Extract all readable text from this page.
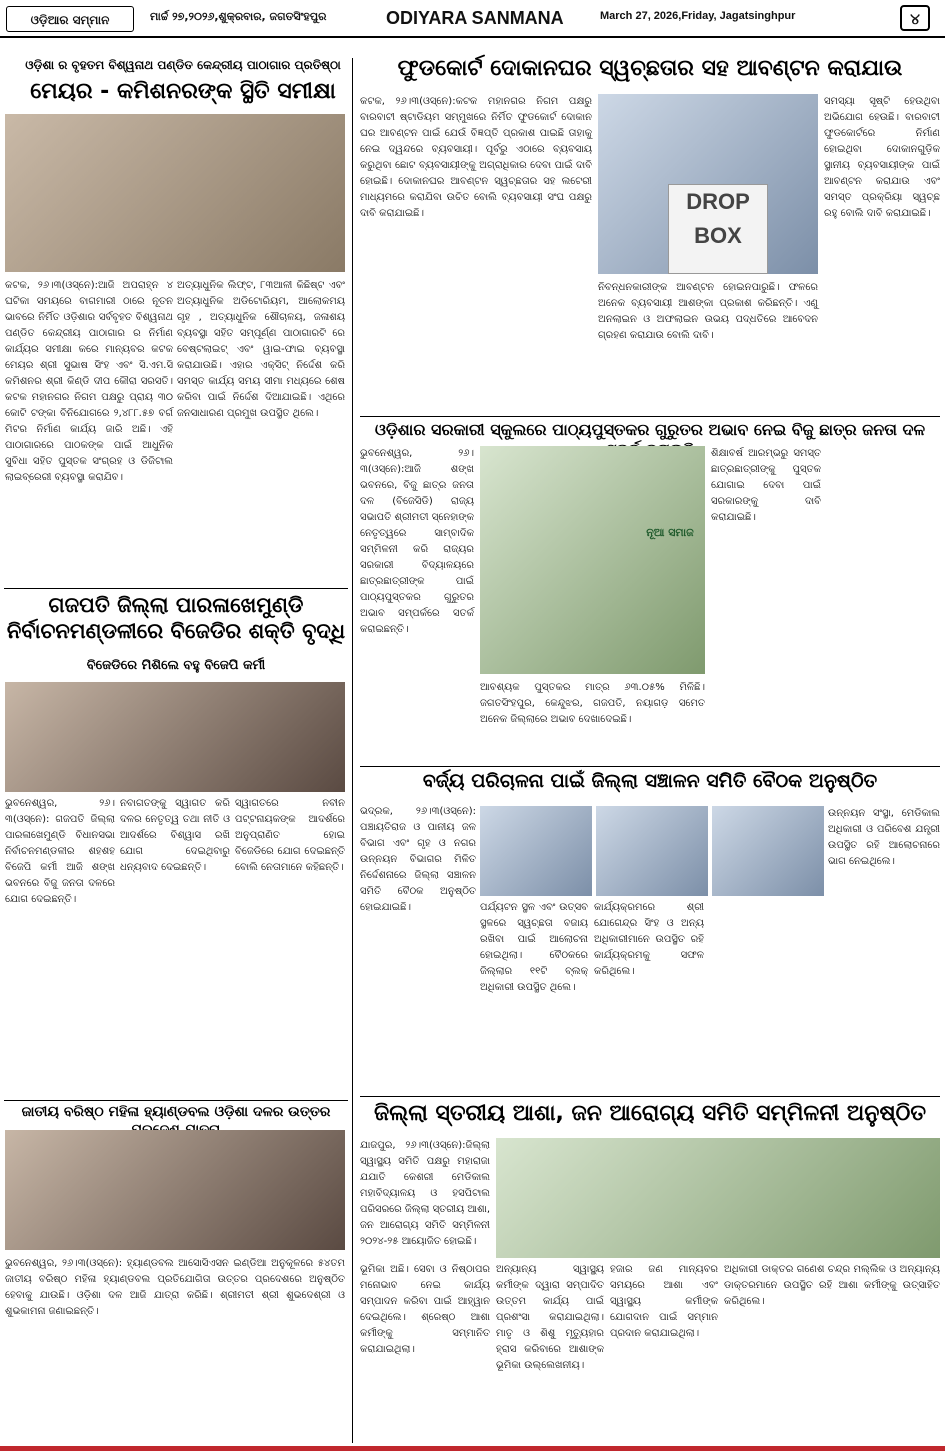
ଓଡ଼ିଆର ସମ୍ମାନ	ମାର୍ଚ୍ଚ ୨୭,୨୦୨୬,ଶୁକ୍ରବାର, ଜଗତସିଂହପୁର	ODIYARA SANMANA	March 27, 2026,Friday, Jagatsinghpur	୪
ଓଡ଼ିଶା ର ବୃହତମ ବିଶ୍ୱନାଥ ପଣ୍ଡିତ କେନ୍ଦ୍ରୀୟ ପାଠାଗାର ପ୍ରତିଷ୍ଠା
ମେୟର - କମିଶନରଙ୍କ ସ୍ଥିତି ସମୀକ୍ଷା
କଟକ, ୨୬।୩(ଓସ୍ନେ):ଆଜି ଅପରାହ୍ନ ୪ ଘଟିକା ସମୟରେ ବାଗମାରୀ ଠାରେ ନୂତନ ଭାବରେ ନିର୍ମିତ ଓଡ଼ିଶାର ସର୍ବବୃହତ ବିଶ୍ୱନାଥ ପଣ୍ଡିତ କେନ୍ଦ୍ରୀୟ ପାଠାଗାର ର ନିର୍ମାଣ କାର୍ଯ୍ୟର ସମୀକ୍ଷା କରେ ମାନ୍ୟବର କଟକ ମେୟର ଶ୍ରୀ ସୁଭାଷ ସିଂହ ଏବଂ ସି.ଏମ.ସି କମିଶନର ଶ୍ରୀ କିଣ୍ଡି ଦୀପ କୌରା ସରସତି। କଟକ ମହାନଗର ନିଗମ ପକ୍ଷରୁ ପ୍ରାୟ ୩୦ କୋଟି ଟଙ୍କା ବିନିଯୋଗରେ ୨,୪୮୮.୫୭ ବର୍ଗ ମିଟର ନିର୍ମାଣ କାର୍ଯ୍ୟ ଜାରି ଅଛି। ଏହି ପାଠାଗାରରେ ପାଠକଙ୍କ ପାଇଁ ଆଧୁନିକ ସୁବିଧା ସହିତ ପୁସ୍ତକ ସଂଗ୍ରହ ଓ ଡିଜିଟାଲ ଲାଇବ୍ରେରୀ ବ୍ୟବସ୍ଥା କରାଯିବ।
ଅତ୍ୟାଧୁନିକ ଲିଫ୍ଟ, ୮୩ଆଳୀ କିଛିଷ୍ଟ ଏବଂ ଅତ୍ୟାଧୁନିକ ଅଡିଟୋରିୟମ, ଆଲୋକମୟ ଗୃହ , ଅତ୍ୟାଧୁନିକ ଶୌଚାଳୟ, ଜଳାଶୟ ବ୍ୟବସ୍ଥା ସହିତ ସମ୍ପୂର୍ଣ୍ଣ ପାଠାଗାରଟି ରେ ବେଷ୍ଟଲାଇଟ୍ ଏବଂ ୱାଇ-ଫାଇ ବ୍ୟବସ୍ଥା କରାଯାଉଛି। ଏହାର ଏକ୍ସିଟ୍ ନିର୍ଦ୍ଦେଶ କରି ସମସ୍ତ କାର୍ଯ୍ୟ ସମୟ ସୀମା ମଧ୍ୟରେ ଶେଷ କରିବା ପାଇଁ ନିର୍ଦ୍ଦେଶ ଦିଆଯାଇଛି। ଏଥିରେ ଜନସାଧାରଣ ପ୍ରମୁଖ ଉପସ୍ଥିତ ଥିଲେ।
ଫୁଡକୋର୍ଟ ଦୋକାନଘର ସ୍ୱଚ୍ଛତାର ସହ ଆବଣ୍ଟନ କରାଯାଉ
କଟକ, ୨୬।୩(ଓସ୍ନେ):କଟକ ମହାନଗର ନିଗମ ପକ୍ଷରୁ ବାରବାଟୀ ଷ୍ଟାଡିୟମ ସମ୍ମୁଖରେ ନିର୍ମିତ ଫୁଡକୋର୍ଟ ଦୋକାନ ଘର ଆବଣ୍ଟନ ପାଇଁ ଯେଉଁ ବିଜ୍ଞପ୍ତି ପ୍ରକାଶ ପାଇଛି ତାହାକୁ ନେଇ ଦ୍ୱନ୍ଦରେ ବ୍ୟବସାୟୀ। ପୂର୍ବରୁ ଏଠାରେ ବ୍ୟବସାୟ କରୁଥିବା ଛୋଟ ବ୍ୟବସାୟୀଙ୍କୁ ଅଗ୍ରାଧିକାର ଦେବା ପାଇଁ ଦାବି ହୋଇଛି। ଦୋକାନଘର ଆବଣ୍ଟନ ସ୍ୱଚ୍ଛତାର ସହ ଲଟେରୀ ମାଧ୍ୟମରେ କରାଯିବା ଉଚିତ ବୋଲି ବ୍ୟବସାୟୀ ସଂଘ ପକ୍ଷରୁ ଦାବି କରାଯାଇଛି।	DROP BOX
ନିବନ୍ଧନକାରୀଙ୍କ ଆବଣ୍ଟନ ହୋଇନପାରୁଛି। ଫଳରେ ଅନେକ ବ୍ୟବସାୟୀ ଆଶଙ୍କା ପ୍ରକାଶ କରିଛନ୍ତି। ଏଣୁ ଅନଲାଇନ ଓ ଅଫଲାଇନ ଉଭୟ ପଦ୍ଧତିରେ ଆବେଦନ ଗ୍ରହଣ କରାଯାଉ ବୋଲି ଦାବି।
ସମସ୍ୟା ସୃଷ୍ଟି ହେଉଥିବା ଅଭିଯୋଗ ହେଉଛି। ବାରବାଟୀ ଫୁଡକୋର୍ଟରେ ନିର୍ମାଣ ହୋଇଥିବା ଦୋକାନଗୁଡ଼ିକ ସ୍ଥାନୀୟ ବ୍ୟବସାୟୀଙ୍କ ପାଇଁ ଆବଣ୍ଟନ କରାଯାଉ ଏବଂ ସମସ୍ତ ପ୍ରକ୍ରିୟା ସ୍ୱଚ୍ଛ ରହୁ ବୋଲି ଦାବି କରାଯାଇଛି।
ଓଡ଼ିଶାର ସରକାରୀ ସ୍କୁଲରେ ପାଠ୍ୟପୁସ୍ତକର ଗୁରୁତର ଅଭାବ ନେଇ ବିଜୁ ଛାତ୍ର ଜନତା ଦଳ
ଭୁବନେଶ୍ୱର, ୨୬।୩(ଓସ୍ନେ):ଆଜି ଶଙ୍ଖ ଭବନରେ, ବିଜୁ ଛାତ୍ର ଜନତା ଦଳ (ବିଜେସିଡି) ରାଜ୍ୟ ସଭାପତି ଶ୍ରୀମତୀ ସ୍ନେହାଙ୍କ ନେତୃତ୍ୱରେ ସାମ୍ବାଦିକ ସମ୍ମିଳନୀ କରି ରାଜ୍ୟର ସରକାରୀ ବିଦ୍ୟାଳୟରେ ଛାତ୍ରଛାତ୍ରୀଙ୍କ ପାଇଁ ପାଠ୍ୟପୁସ୍ତକର ଗୁରୁତର ଅଭାବ ସମ୍ପର୍କରେ ସତର୍କ କରାଇଛନ୍ତି।
ନୂଆ ସମାଜ
ଆବଶ୍ୟକ ପୁସ୍ତକର ମାତ୍ର ୬୩.୦୫% ମିଳିଛି। ଜଗତସିଂହପୁର, କେନ୍ଦୁଝର, ଗଜପତି, ନୟାଗଡ଼ ସମେତ ଅନେକ ଜିଲ୍ଲାରେ ଅଭାବ ଦେଖାଦେଇଛି।
ଶିକ୍ଷାବର୍ଷ ଆରମ୍ଭରୁ ସମସ୍ତ ଛାତ୍ରଛାତ୍ରୀଙ୍କୁ ପୁସ୍ତକ ଯୋଗାଇ ଦେବା ପାଇଁ ସରକାରଙ୍କୁ ଦାବି କରାଯାଇଛି।
ଗଜପତି ଜିଲ୍ଲା ପାରଳାଖେମୁଣ୍ଡି ନିର୍ବାଚନମଣ୍ଡଳୀରେ ବିଜେଡିର ଶକ୍ତି ବୃଦ୍ଧି
ବିଜେଡିରେ ମିଶିଲେ ବହୁ ବିଜେପି କର୍ମୀ
ଭୁବନେଶ୍ୱର, ୨୬।୩(ଓସ୍ନେ): ଗଜପତି ଜିଲ୍ଲା ପାରଳାଖେମୁଣ୍ଡି ବିଧାନସଭା ନିର୍ବାଚନମଣ୍ଡଳୀର ଶହଶହ ବିଜେପି କର୍ମୀ ଆଜି ଶଙ୍ଖ ଭବନରେ ବିଜୁ ଜନତା ଦଳରେ ଯୋଗ ଦେଇଛନ୍ତି।
ନବାଗତଙ୍କୁ ସ୍ୱାଗତ କରି ଦଳର ନେତୃତ୍ୱ ତଥା ନୀତି ଓ ଆଦର୍ଶରେ ବିଶ୍ୱାସ ରଖି ଯୋଗ ଦେଇଥିବାରୁ ଧନ୍ୟବାଦ ଦେଇଛନ୍ତି।
ସ୍ୱାଗତରେ ନବୀନ ପଟ୍ଟନାୟକଙ୍କ ଆଦର୍ଶରେ ଅନୁପ୍ରାଣିତ ହୋଇ ବିଜେଡିରେ ଯୋଗ ଦେଇଛନ୍ତି ବୋଲି ନେତାମାନେ କହିଛନ୍ତି।
ବର୍ଜ୍ୟ ପରିଚାଳନା ପାଇଁ ଜିଲ୍ଲା ସଞ୍ଚାଳନ ସମିତି ବୈଠକ ଅନୁଷ୍ଠିତ
ଭଦ୍ରକ, ୨୬।୩(ଓସ୍ନେ): ପଞ୍ଚାୟତିରାଜ ଓ ପାନୀୟ ଜଳ ବିଭାଗ ଏବଂ ଗୃହ ଓ ନଗର ଉନ୍ନୟନ ବିଭାଗର ମିଳିତ ନିର୍ଦ୍ଦେଶନାରେ ଜିଲ୍ଲା ସଞ୍ଚାଳନ ସମିତି ବୈଠକ ଅନୁଷ୍ଠିତ ହୋଇଯାଇଛି।	ପର୍ଯ୍ୟଟନ ସ୍ଥଳ ଏବଂ ଉତ୍ସବ ସ୍ଥଳରେ ସ୍ୱଚ୍ଛତା ବଜାୟ ରଖିବା ପାଇଁ ଆଲୋଚନା ହୋଇଥିଲା। ବୈଠକରେ ଜିଲ୍ଲାର ୧୧ଟି ବ୍ଲକ୍ ଅଧିକାରୀ ଉପସ୍ଥିତ ଥିଲେ।
କାର୍ଯ୍ୟକ୍ରମରେ ଶ୍ରୀ ଯୋଗେନ୍ଦ୍ର ସିଂହ ଓ ଅନ୍ୟ ଅଧିକାରୀମାନେ ଉପସ୍ଥିତ ରହି କାର୍ଯ୍ୟକ୍ରମକୁ ସଫଳ କରିଥିଲେ।
ଉନ୍ନୟନ ସଂସ୍ଥା, ମେଡିକାଲ ଅଧିକାରୀ ଓ ପରିବେଶ ଯନ୍ତ୍ରୀ ଉପସ୍ଥିତ ରହି ଆଲୋଚନାରେ ଭାଗ ନେଇଥିଲେ।
ଜାତୀୟ ବରିଷ୍ଠ ମହିଳା ହ୍ୟାଣ୍ଡବଲ ଓଡ଼ିଶା ଦଳର ଉତ୍ତର
ଭୁବନେଶ୍ୱର, ୨୬।୩(ଓସ୍ନେ): ହ୍ୟାଣ୍ଡବଲ ଆସୋସିଏସନ ଇଣ୍ଡିଆ ଅନୁକୂଳରେ ୫୪ତମ ଜାତୀୟ ବରିଷ୍ଠ ମହିଳା ହ୍ୟାଣ୍ଡବଲ ପ୍ରତିଯୋଗିତା ଉତ୍ତର ପ୍ରଦେଶରେ ଅନୁଷ୍ଠିତ ହେବାକୁ ଯାଉଛି। ଓଡ଼ିଶା ଦଳ ଆଜି ଯାତ୍ରା କରିଛି। ଶ୍ରୀମତୀ ଶ୍ରୀ ଶୁଭଦେଶ୍ରୀ ଓ ଶୁଭକାମନା ଜଣାଇଛନ୍ତି।
ଜିଲ୍ଲା ସ୍ତରୀୟ ଆଶା, ଜନ ଆରୋଗ୍ୟ ସମିତି ସମ୍ମିଳନୀ ଅନୁଷ୍ଠିତ
ଯାଜପୁର, ୨୬।୩(ଓସ୍ନେ):ଜିଲ୍ଲା ସ୍ୱାସ୍ଥ୍ୟ ସମିତି ପକ୍ଷରୁ ମହାରାଜା ଯଯାତି କେଶରୀ ମେଡିକାଲ ମହାବିଦ୍ୟାଳୟ ଓ ହସପିଟାଲ ପରିସରରେ ଜିଲ୍ଲା ସ୍ତରୀୟ ଆଶା, ଜନ ଆରୋଗ୍ୟ ସମିତି ସମ୍ମିଳନୀ ୨୦୨୪-୨୫ ଆୟୋଜିତ ହୋଇଛି।
ଭୂମିକା ଅଛି। ସେବା ଓ ନିଷ୍ଠାପର ମନୋଭାବ ନେଇ କାର୍ଯ୍ୟ ସମ୍ପାଦନ କରିବା ପାଇଁ ଆହ୍ୱାନ ଦେଇଥିଲେ। ଶ୍ରେଷ୍ଠ ଆଶା କର୍ମୀଙ୍କୁ ସମ୍ମାନିତ କରାଯାଇଥିଲା।
ଅନ୍ୟାନ୍ୟ ସ୍ୱାସ୍ଥ୍ୟ କର୍ମୀଙ୍କ ଦ୍ୱାରା ସମ୍ପାଦିତ ଉତ୍ତମ କାର୍ଯ୍ୟ ପାଇଁ ପ୍ରଶଂସା କରାଯାଇଥିଲା। ମାତୃ ଓ ଶିଶୁ ମୃତ୍ୟୁହାର ହ୍ରାସ କରିବାରେ ଆଶାଙ୍କ ଭୂମିକା ଉଲ୍ଲେଖନୀୟ।
ହଜାର ଜଣ ମାନ୍ୟବର ସମୟରେ ଆଶା ଏବଂ ସ୍ୱାସ୍ଥ୍ୟ କର୍ମୀଙ୍କ ଯୋଗଦାନ ପାଇଁ ସମ୍ମାନ ପ୍ରଦାନ କରାଯାଇଥିଲା।
ଅଧିକାରୀ ଡାକ୍ତର ଗଣେଶ ଚନ୍ଦ୍ର ମଲ୍ଲିକ ଓ ଅନ୍ୟାନ୍ୟ ଡାକ୍ତରମାନେ ଉପସ୍ଥିତ ରହି ଆଶା କର୍ମୀଙ୍କୁ ଉତ୍ସାହିତ କରିଥିଲେ।
